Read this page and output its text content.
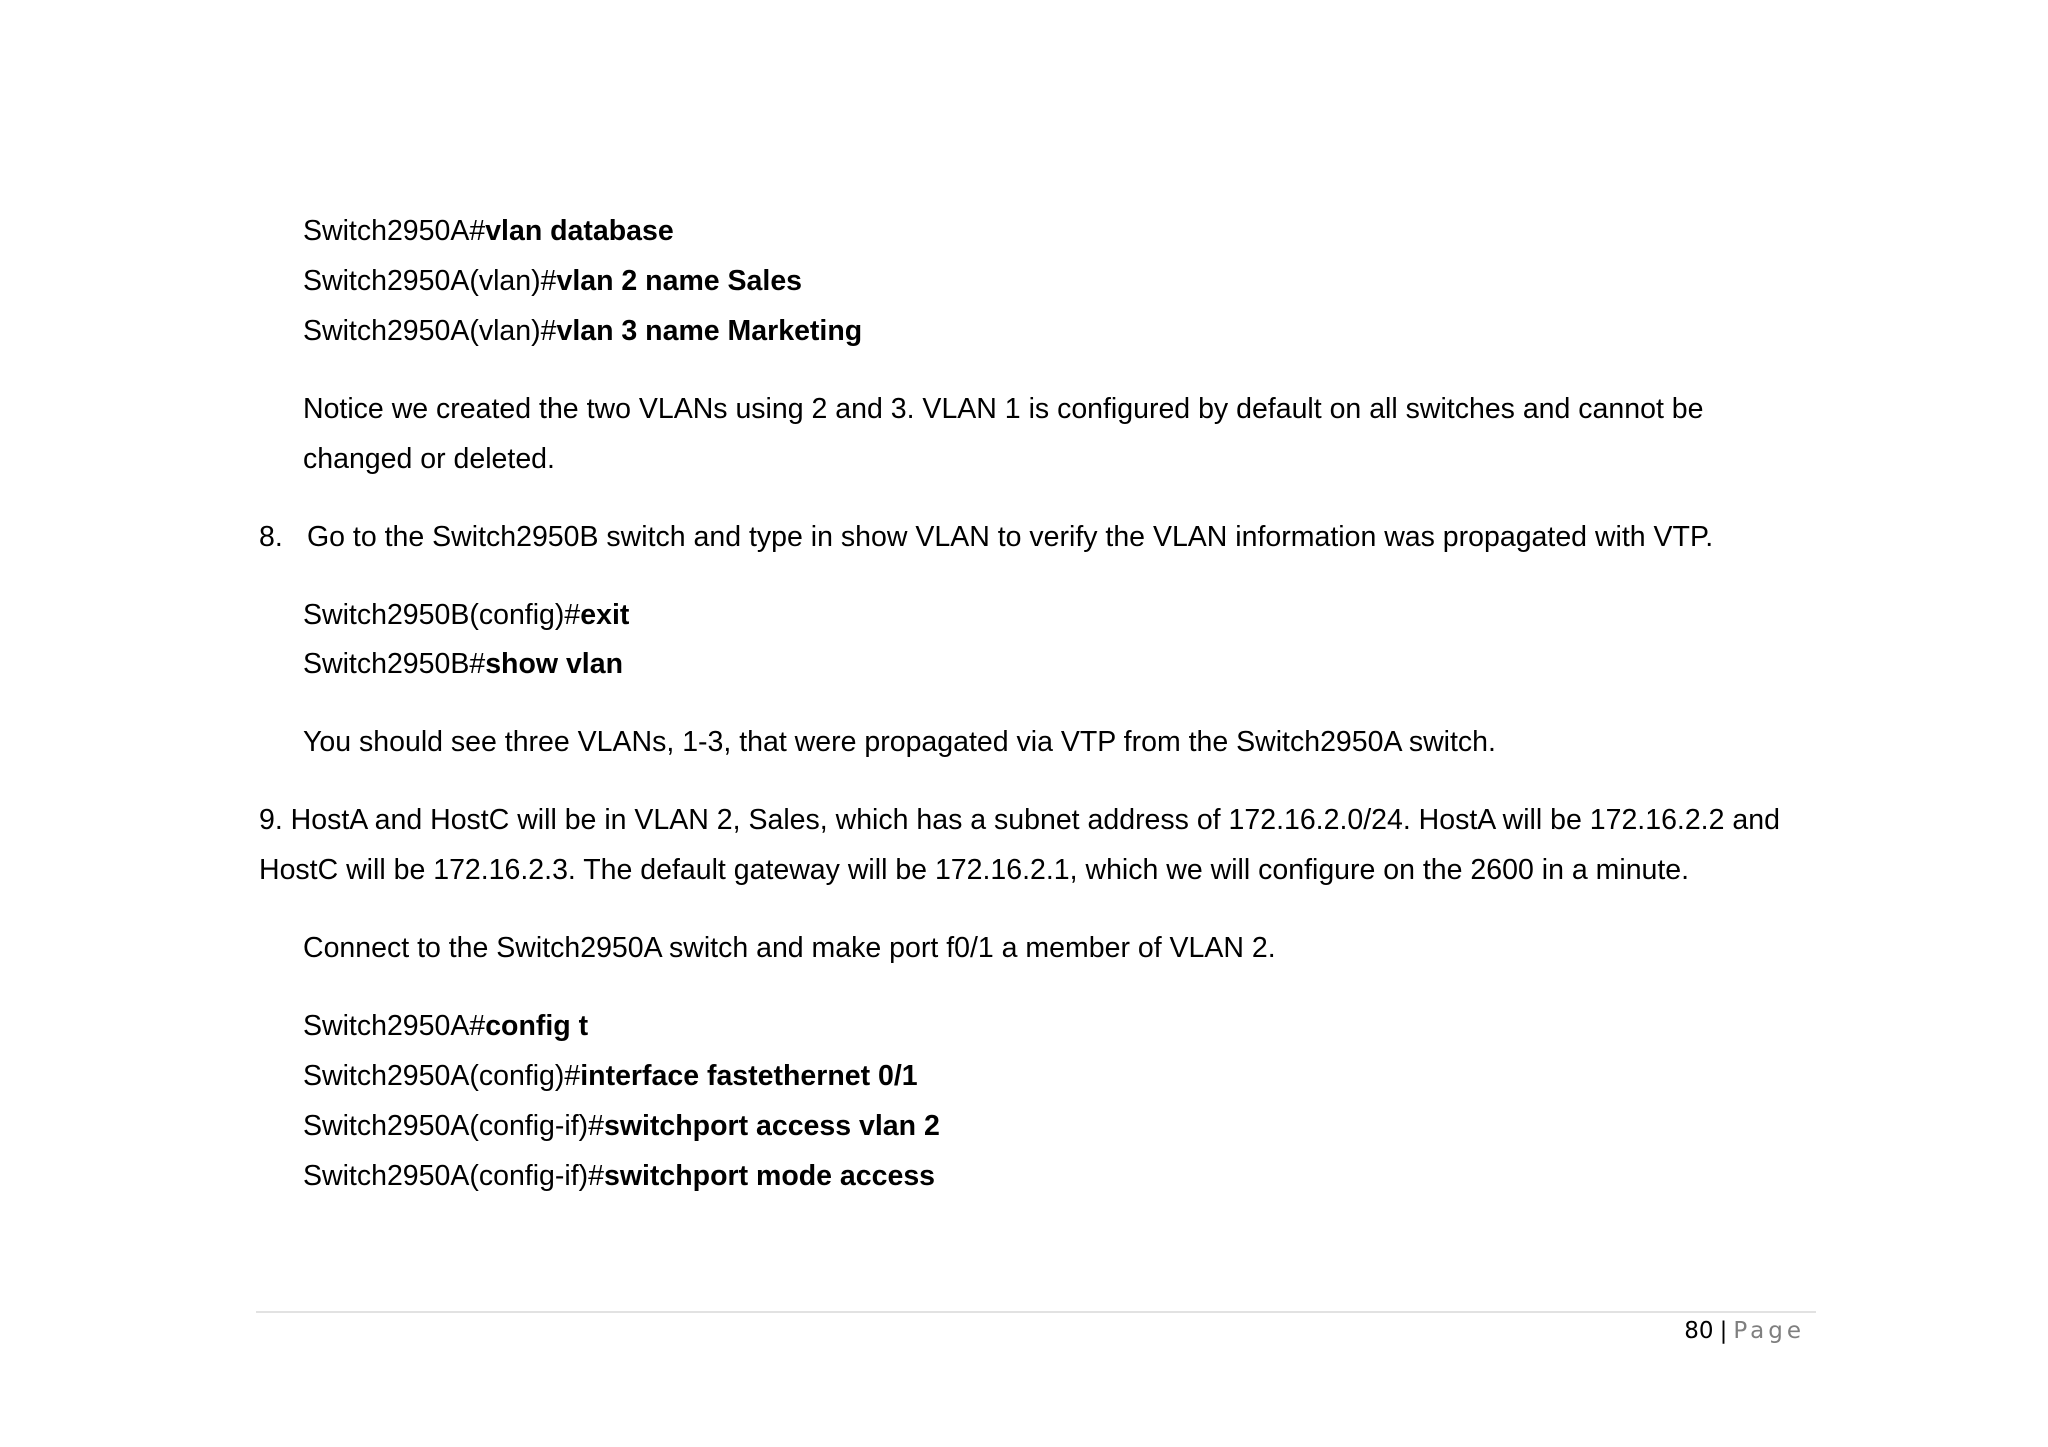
Switch2950A#vlan database
Switch2950A(vlan)#vlan 2 name Sales
Switch2950A(vlan)#vlan 3 name Marketing
Notice we created the two VLANs using 2 and 3. VLAN 1 is configured by default on all switches and cannot be
changed or deleted.
8. Go to the Switch2950B switch and type in show VLAN to verify the VLAN information was propagated with VTP.
Switch2950B(config)#exit
Switch2950B#show vlan
You should see three VLANs, 1-3, that were propagated via VTP from the Switch2950A switch.
9. HostA and HostC will be in VLAN 2, Sales, which has a subnet address of 172.16.2.0/24. HostA will be 172.16.2.2 and
HostC will be 172.16.2.3. The default gateway will be 172.16.2.1, which we will configure on the 2600 in a minute.
Connect to the Switch2950A switch and make port f0/1 a member of VLAN 2.
Switch2950A#config t
Switch2950A(config)#interface fastethernet 0/1
Switch2950A(config-if)#switchport access vlan 2
Switch2950A(config-if)#switchport mode access
80 | Page
